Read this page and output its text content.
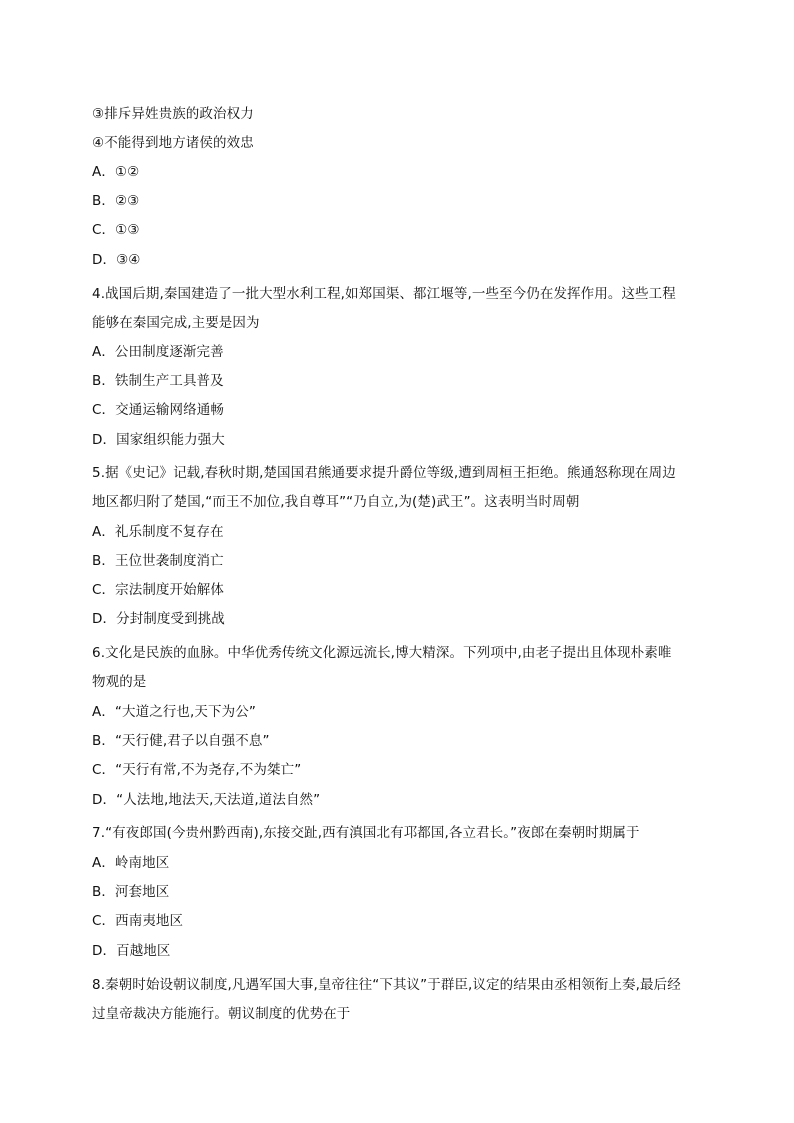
③排斥异姓贵族的政治权力
④不能得到地方诸侯的效忠
A．①②
B．②③
C．①③
D．③④
4.战国后期,秦国建造了一批大型水利工程,如郑国渠、都江堰等,一些至今仍在发挥作用。这些工程
能够在秦国完成,主要是因为
A．公田制度逐渐完善
B．铁制生产工具普及
C．交通运输网络通畅
D．国家组织能力强大
5.据《史记》记载,春秋时期,楚国国君熊通要求提升爵位等级,遭到周桓王拒绝。熊通怒称现在周边
地区都归附了楚国,“而王不加位,我自尊耳”“乃自立,为(楚)武王”。这表明当时周朝
A．礼乐制度不复存在
B．王位世袭制度消亡
C．宗法制度开始解体
D．分封制度受到挑战
6.文化是民族的血脉。中华优秀传统文化源远流长,博大精深。下列项中,由老子提出且体现朴素唯
物观的是
A．“大道之行也,天下为公”
B．“天行健,君子以自强不息”
C．“天行有常,不为尧存,不为桀亡”
D．“人法地,地法天,天法道,道法自然”
7.“有夜郎国(今贵州黔西南),东接交趾,西有滇国北有邛都国,各立君长。”夜郎在秦朝时期属于
A．岭南地区
B．河套地区
C．西南夷地区
D．百越地区
8.秦朝时始设朝议制度,凡遇军国大事,皇帝往往“下其议”于群臣,议定的结果由丞相领衔上奏,最后经
过皇帝裁决方能施行。朝议制度的优势在于
